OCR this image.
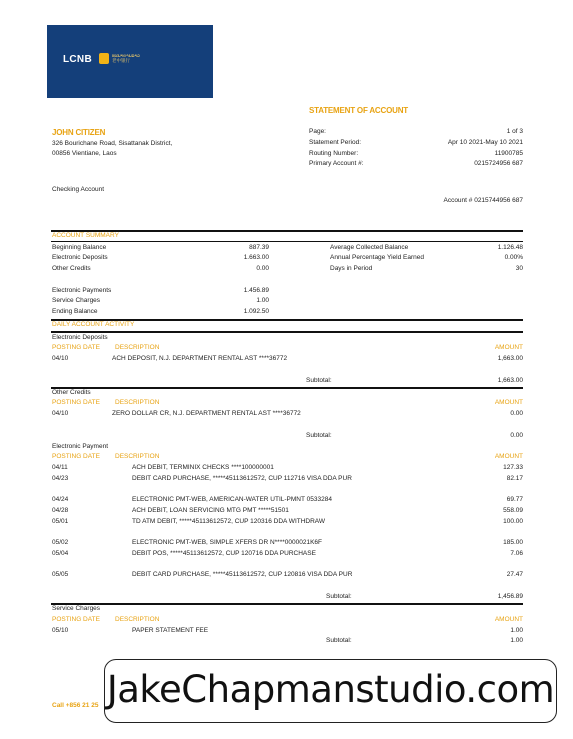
LCNB	ທະນາຄານລາວ
老中银行
STATEMENT OF ACCOUNT
JOHN CITIZEN
326 Bourichane Road, Sisattanak District,
00856 Vientiane, Laos
Page:	1 of 3
Statement Period:	Apr 10 2021-May 10 2021
Routing Number:	11900785
Primary Account #:	0215724956 687
Checking Account
Account # 0215744956 687
ACCOUNT SUMMARY
Beginning Balance	887.39
Electronic Deposits	1.663.00
Other Credits	0.00
Electronic Payments	1.456.89
Service Charges	1.00
Ending Balance	1.092.50
Average Collected Balance	1.126.48
Annual Percentage Yield Earned	0.00%
Days in Period	30
DAILY ACCOUNT ACTIVITY
Electronic Deposits
POSTING DATE DESCRIPTION	AMOUNT
04/10	ACH DEPOSIT, N.J. DEPARTMENT RENTAL AST ****36772	1,663.00
Subtotal:	1,663.00
Other Credits
POSTING DATE DESCRIPTION	AMOUNT
04/10	ZERO DOLLAR CR, N.J. DEPARTMENT RENTAL AST ****36772	0.00
Subtotal:	0.00
Electronic Payment
POSTING DATE DESCRIPTION	AMOUNT
04/11	ACH DEBIT, TERMINIX CHECKS ****100000001	127.33
04/23	DEBIT CARD PURCHASE, *****45113612572, CUP 112716 VISA DDA PUR	82.17
04/24	ELECTRONIC PMT-WEB, AMERICAN-WATER UTIL-PMNT 0533284	69.77
04/28	ACH DEBIT, LOAN SERVICING MTG PMT *****51501	558.09
05/01	TD ATM DEBIT, *****45113612572, CUP 120316 DDA WITHDRAW	100.00
05/02	ELECTRONIC PMT-WEB, SIMPLE XFERS DR N****0000021K6F	185.00
05/04	DEBIT POS, *****45113612572, CUP 120716 DDA PURCHASE	7.06
05/05	DEBIT CARD PURCHASE, *****45113612572, CUP 120816 VISA DDA PUR	27.47
Subtotal:	1,456.89
Service Charges
POSTING DATE DESCRIPTION	AMOUNT
05/10	PAPER STATEMENT FEE	1.00
Subtotal:	1.00
Call +856 21 25 JakeChapmanstudio.com
